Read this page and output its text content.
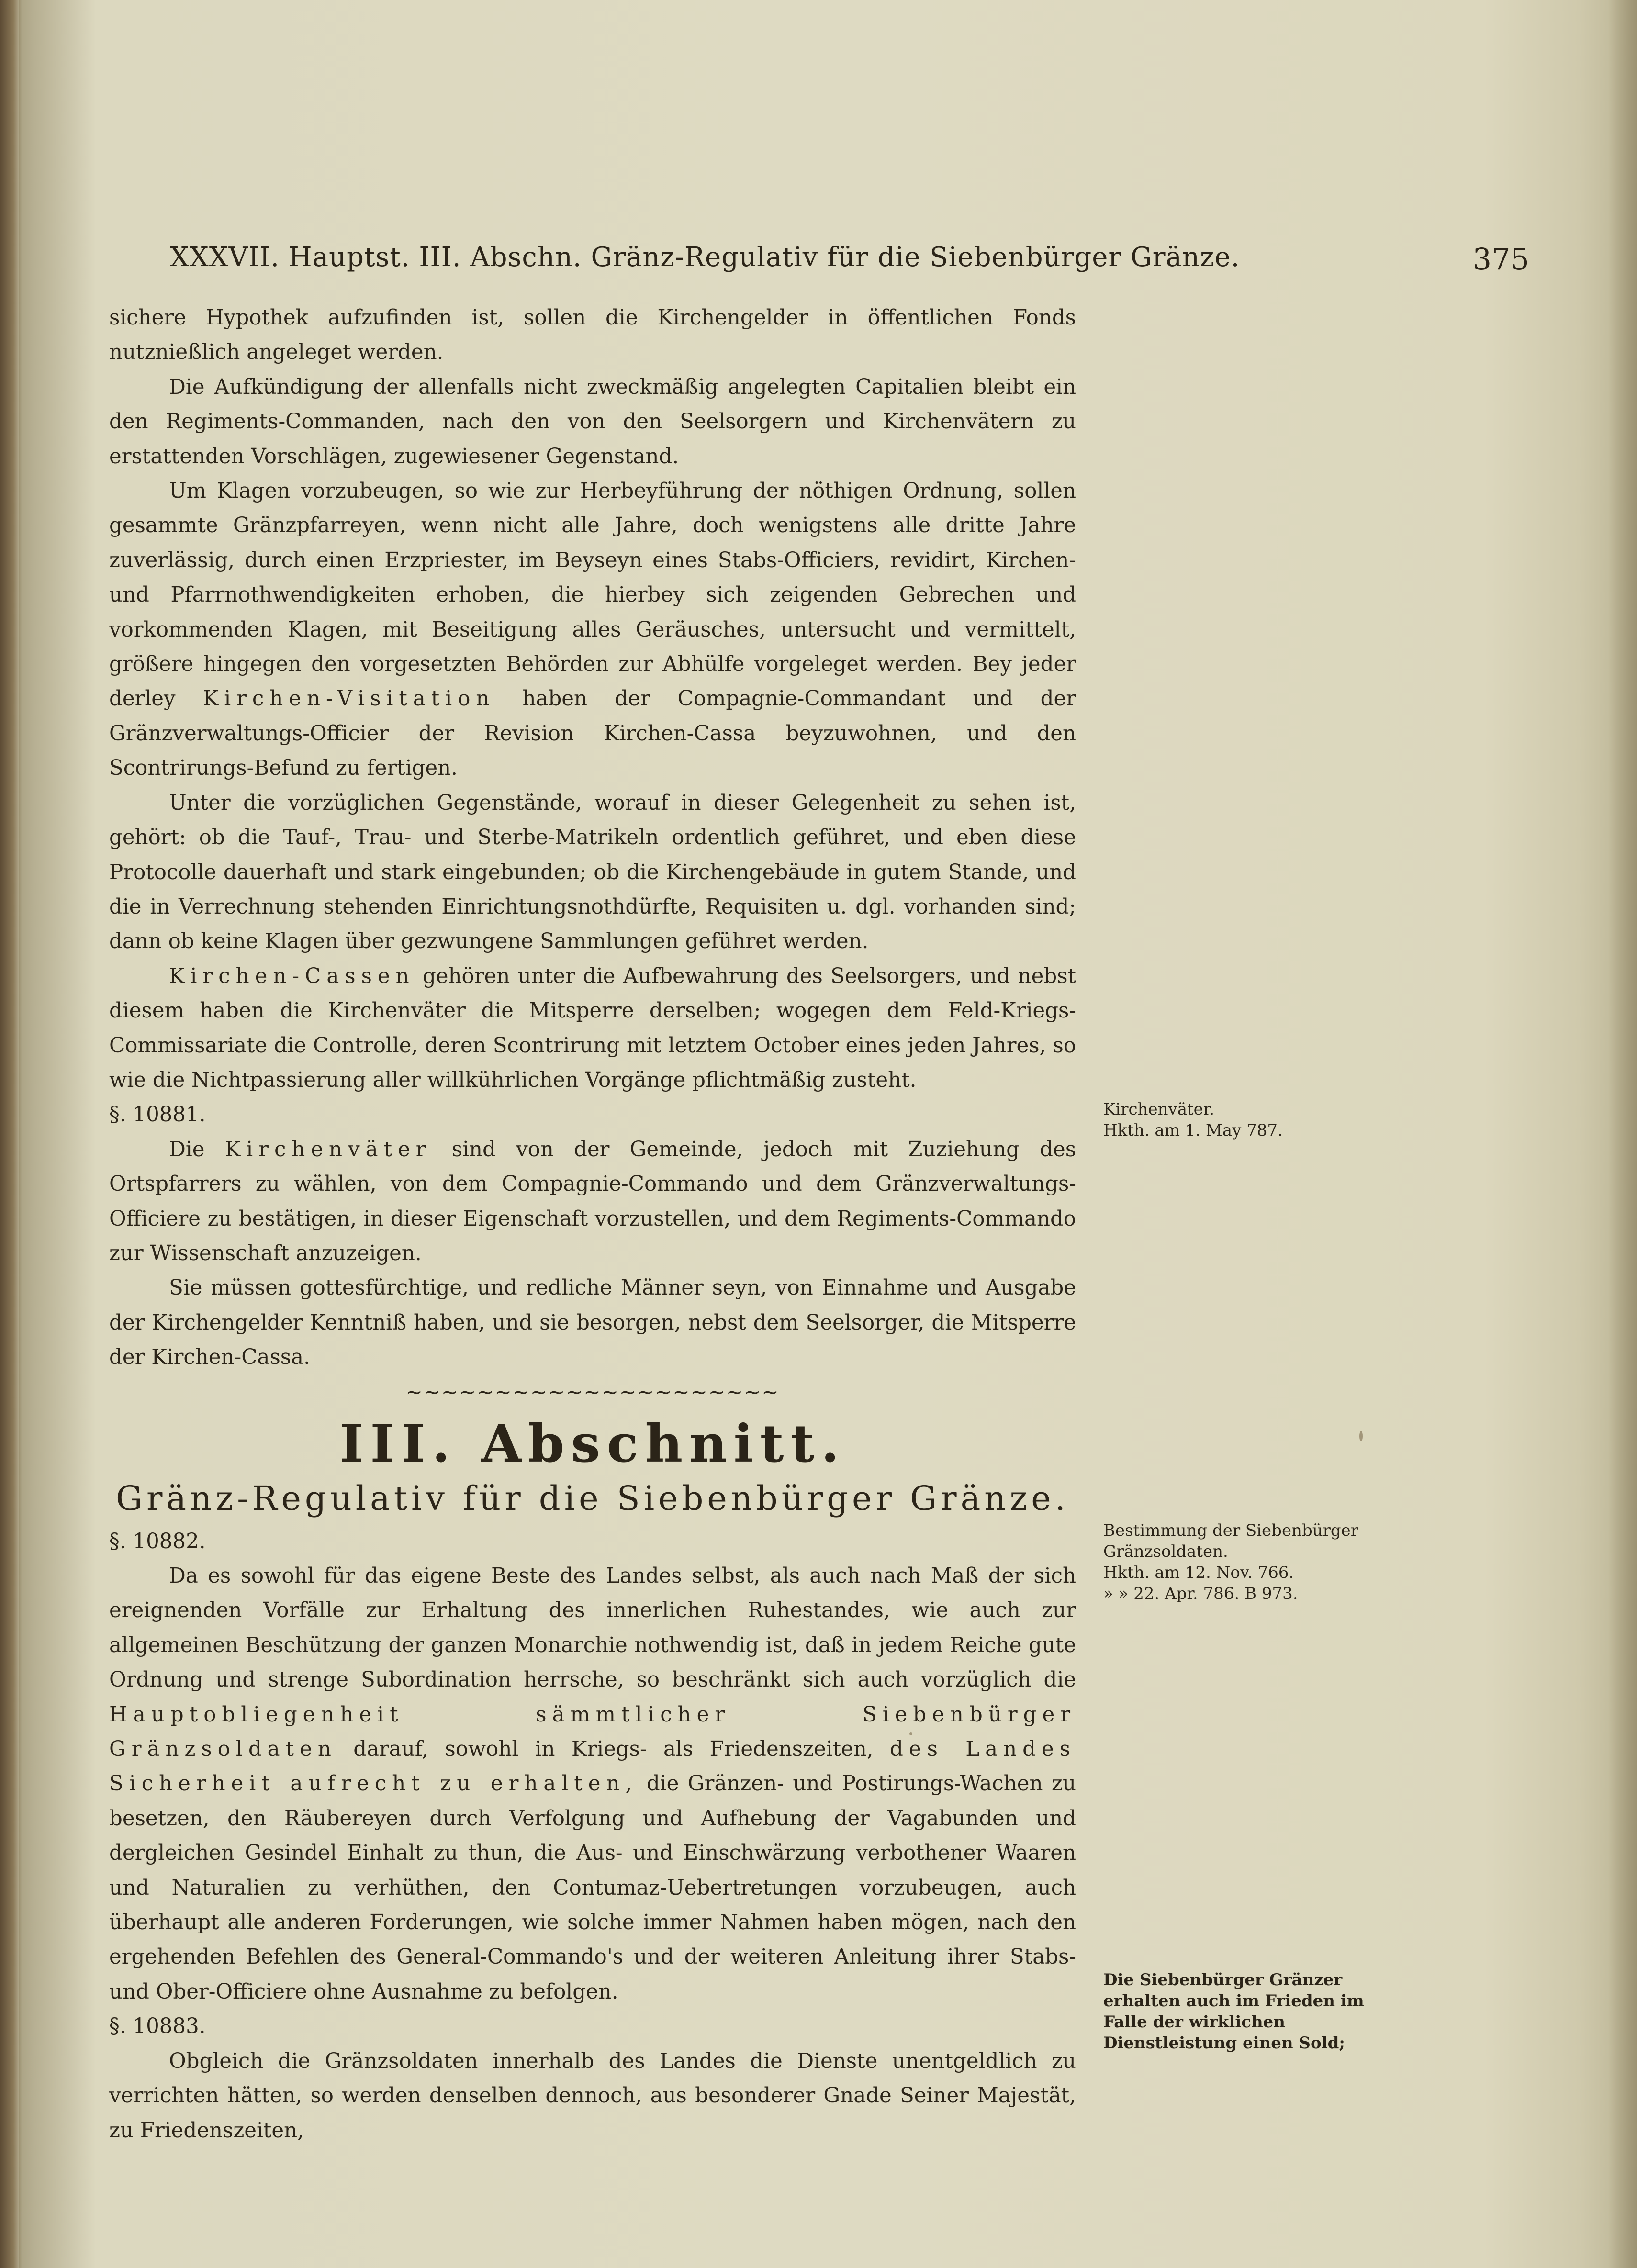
XXXVII. Hauptst. III. Abschn. Gränz-Regulativ für die Siebenbürger Gränze.	375

sichere Hypothek aufzufinden ist, sollen die Kirchengelder in öffentlichen Fonds nutznießlich angeleget werden.

Die Aufkündigung der allenfalls nicht zweckmäßig angelegten Capitalien bleibt ein den Regiments-Commanden, nach den von den Seelsorgern und Kirchenvätern zu erstattenden Vorschlägen, zugewiesener Gegenstand.

Um Klagen vorzubeugen, so wie zur Herbeyführung der nöthigen Ordnung, sollen gesammte Gränzpfarreyen, wenn nicht alle Jahre, doch wenigstens alle dritte Jahre zuverlässig, durch einen Erzpriester, im Beyseyn eines Stabs-Officiers, revidirt, Kirchen- und Pfarrnothwendigkeiten erhoben, die hierbey sich zeigenden Gebrechen und vorkommenden Klagen, mit Beseitigung alles Geräusches, untersucht und vermittelt, größere hingegen den vorgesetzten Behörden zur Abhülfe vorgeleget werden. Bey jeder derley Kirchen-Visitation haben der Compagnie-Commandant und der Gränzverwaltungs-Officier der Revision Kirchen-Cassa beyzuwohnen, und den Scontrirungs-Befund zu fertigen.

Unter die vorzüglichen Gegenstände, worauf in dieser Gelegenheit zu sehen ist, gehört: ob die Tauf-, Trau- und Sterbe-Matrikeln ordentlich geführet, und eben diese Protocolle dauerhaft und stark eingebunden; ob die Kirchengebäude in gutem Stande, und die in Verrechnung stehenden Einrichtungsnothdürfte, Requisiten u. dgl. vorhanden sind; dann ob keine Klagen über gezwungene Sammlungen geführet werden.

Kirchen-Cassen gehören unter die Aufbewahrung des Seelsorgers, und nebst diesem haben die Kirchenväter die Mitsperre derselben; wogegen dem Feld-Kriegs-Commissariate die Controlle, deren Scontrirung mit letztem October eines jeden Jahres, so wie die Nichtpassierung aller willkührlichen Vorgänge pflichtmäßig zusteht.

§. 10881.

Die Kirchenväter sind von der Gemeinde, jedoch mit Zuziehung des Ortspfarrers zu wählen, von dem Compagnie-Commando und dem Gränzverwaltungs-Officiere zu bestätigen, in dieser Eigenschaft vorzustellen, und dem Regiments-Commando zur Wissenschaft anzuzeigen.

Sie müssen gottesfürchtige, und redliche Männer seyn, von Einnahme und Ausgabe der Kirchengelder Kenntniß haben, und sie besorgen, nebst dem Seelsorger, die Mitsperre der Kirchen-Cassa.

~~~~~~~~~~~~~~~~~~~~~
III. Abschnitt.
Gränz-Regulativ für die Siebenbürger Gränze.

§. 10882.

Da es sowohl für das eigene Beste des Landes selbst, als auch nach Maß der sich ereignenden Vorfälle zur Erhaltung des innerlichen Ruhestandes, wie auch zur allgemeinen Beschützung der ganzen Monarchie nothwendig ist, daß in jedem Reiche gute Ordnung und strenge Subordination herrsche, so beschränkt sich auch vorzüglich die Hauptobliegenheit sämmtlicher Siebenbürger Gränzsoldaten darauf, sowohl in Kriegs- als Friedenszeiten, des Landes Sicherheit aufrecht zu erhalten, die Gränzen- und Postirungs-Wachen zu besetzen, den Räubereyen durch Verfolgung und Aufhebung der Vagabunden und dergleichen Gesindel Einhalt zu thun, die Aus- und Einschwärzung verbothener Waaren und Naturalien zu verhüthen, den Contumaz-Uebertretungen vorzubeugen, auch überhaupt alle anderen Forderungen, wie solche immer Nahmen haben mögen, nach den ergehenden Befehlen des General-Commando's und der weiteren Anleitung ihrer Stabs- und Ober-Officiere ohne Ausnahme zu befolgen.

§. 10883.

Obgleich die Gränzsoldaten innerhalb des Landes die Dienste unentgeldlich zu verrichten hätten, so werden denselben dennoch, aus besonderer Gnade Seiner Majestät, zu Friedenszeiten,

Kirchenväter.
Hkth. am 1. May 787.
Bestimmung der Siebenbürger Gränzsoldaten.
Hkth. am 12. Nov. 766.
» » 22. Apr. 786. B 973.
Die Siebenbürger Gränzer erhalten auch im Frieden im Falle der wirklichen Dienstleistung einen Sold;
